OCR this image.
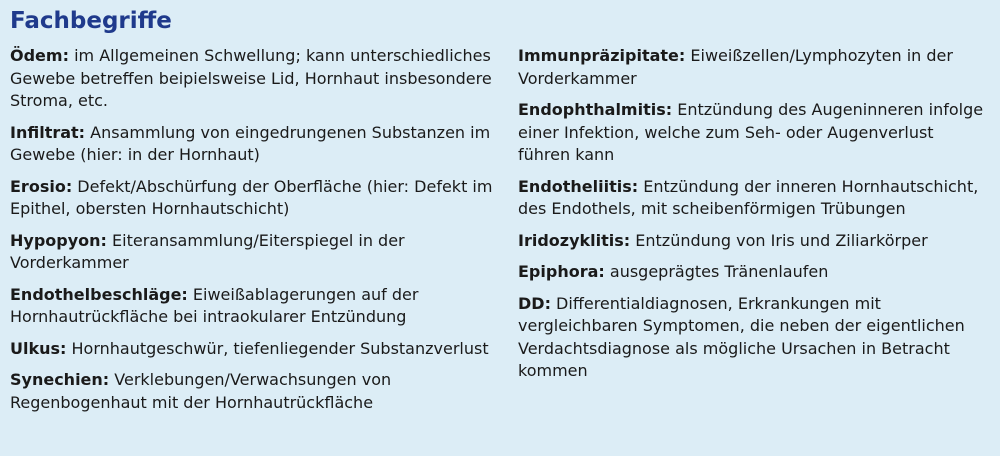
Fachbegriffe

Ödem: im Allgemeinen Schwellung; kann unterschiedliches Gewebe betreffen beipielsweise Lid, Hornhaut insbesondere Stroma, etc.

Infiltrat: Ansammlung von eingedrungenen Substanzen im Gewebe (hier: in der Hornhaut)

Erosio: Defekt/Abschürfung der Oberfläche (hier: Defekt im Epithel, obersten Hornhautschicht)

Hypopyon: Eiteransammlung/Eiterspiegel in der Vorderkammer

Endothelbeschläge: Eiweißablagerungen auf der Hornhautrückfläche bei intraokularer Entzündung

Ulkus: Hornhautgeschwür, tiefenliegender Substanzverlust

Synechien: Verklebungen/Verwachsungen von Regenbogenhaut mit der Hornhautrückfläche

Immunpräzipitate: Eiweißzellen/Lymphozyten in der Vorderkammer

Endophthalmitis: Entzündung des Augeninneren infolge einer Infektion, welche zum Seh- oder Augenverlust führen kann

Endotheliitis: Entzündung der inneren Hornhautschicht, des Endothels, mit scheibenförmigen Trübungen

Iridozyklitis: Entzündung von Iris und Ziliarkörper

Epiphora: ausgeprägtes Tränenlaufen

DD: Differentialdiagnosen, Erkrankungen mit vergleichbaren Symptomen, die neben der eigentlichen Verdachtsdiagnose als mögliche Ursachen in Betracht kommen
